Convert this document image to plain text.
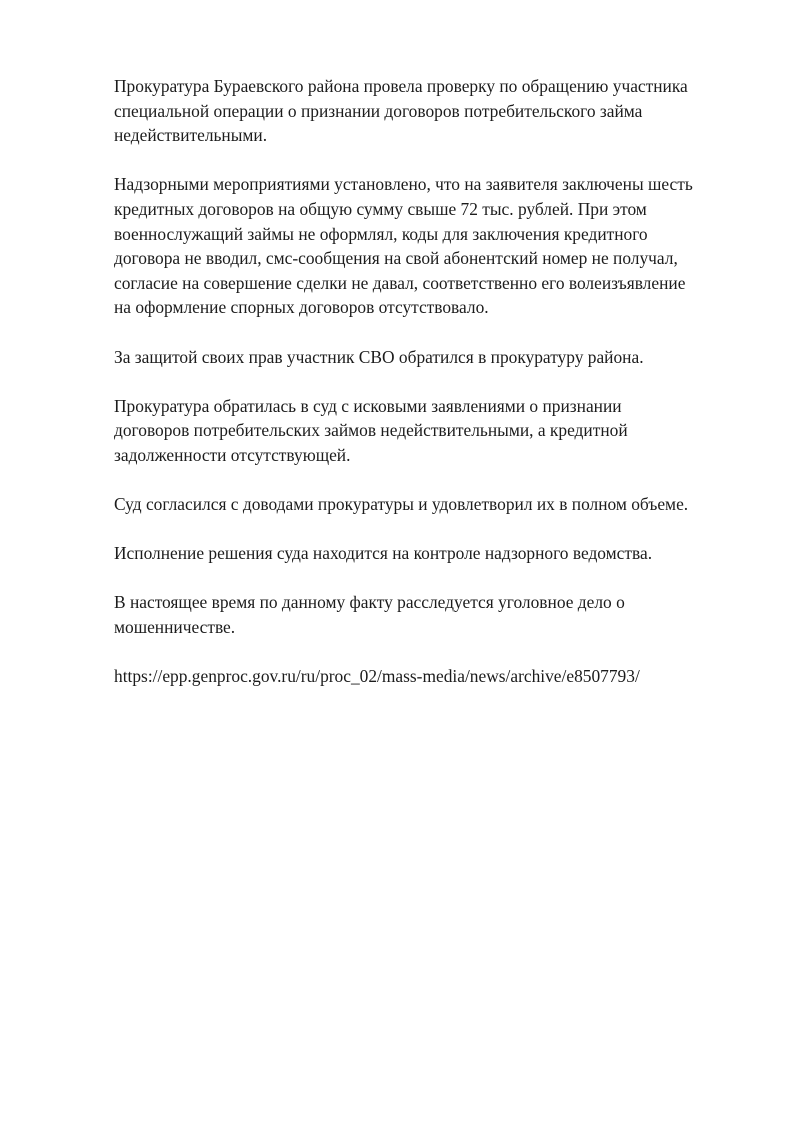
Прокуратура Бураевского района провела проверку по обращению участника
специальной операции о признании договоров потребительского займа
недействительными.

Надзорными мероприятиями установлено, что на заявителя заключены шесть
кредитных договоров на общую сумму свыше 72 тыс. рублей. При этом
военнослужащий займы не оформлял, коды для заключения кредитного
договора не вводил, смс-сообщения на свой абонентский номер не получал,
согласие на совершение сделки не давал, соответственно его волеизъявление
на оформление спорных договоров отсутствовало.

За защитой своих прав участник СВО обратился в прокуратуру района.

Прокуратура обратилась в суд с исковыми заявлениями о признании
договоров потребительских займов недействительными, а кредитной
задолженности отсутствующей.

Суд согласился с доводами прокуратуры и удовлетворил их в полном объеме.

Исполнение решения суда находится на контроле надзорного ведомства.

В настоящее время по данному факту расследуется уголовное дело о
мошенничестве.

https://epp.genproc.gov.ru/ru/proc_02/mass-media/news/archive/e8507793/
